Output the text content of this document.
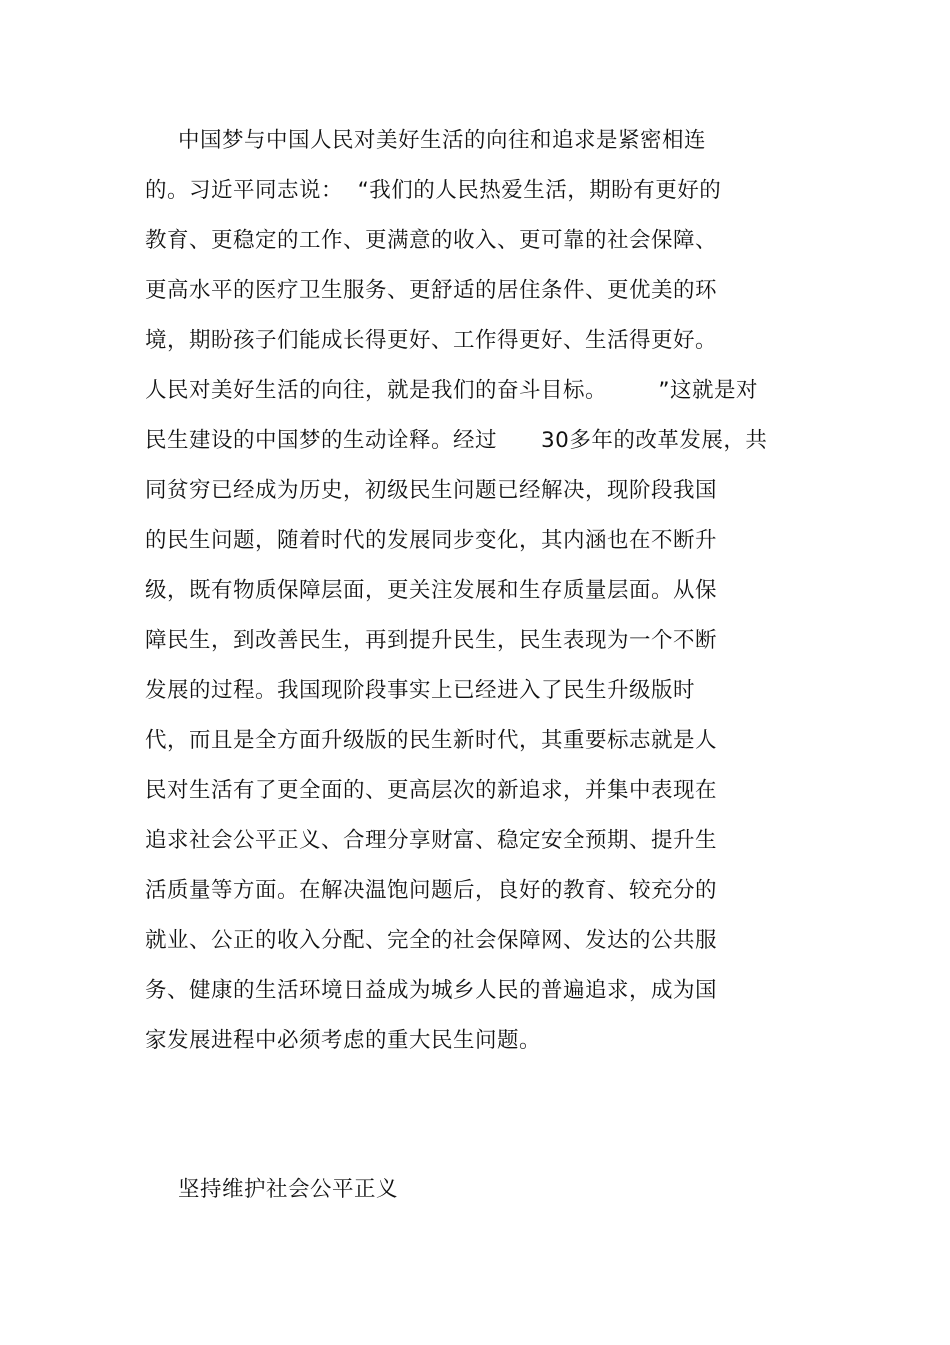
中国梦与中国人民对美好生活的向往和追求是紧密相连
的。习近平同志说：  “我们的人民热爱生活，期盼有更好的
教育、更稳定的工作、更满意的收入、更可靠的社会保障、
更高水平的医疗卫生服务、更舒适的居住条件、更优美的环
境，期盼孩子们能成长得更好、工作得更好、生活得更好。
人民对美好生活的向往，就是我们的奋斗目标。       ”这就是对
民生建设的中国梦的生动诠释。经过      30多年的改革发展，共
同贫穷已经成为历史，初级民生问题已经解决，现阶段我国
的民生问题，随着时代的发展同步变化，其内涵也在不断升
级，既有物质保障层面，更关注发展和生存质量层面。从保
障民生，到改善民生，再到提升民生，民生表现为一个不断
发展的过程。我国现阶段事实上已经进入了民生升级版时
代，而且是全方面升级版的民生新时代，其重要标志就是人
民对生活有了更全面的、更高层次的新追求，并集中表现在
追求社会公平正义、合理分享财富、稳定安全预期、提升生
活质量等方面。在解决温饱问题后，良好的教育、较充分的
就业、公正的收入分配、完全的社会保障网、发达的公共服
务、健康的生活环境日益成为城乡人民的普遍追求，成为国
家发展进程中必须考虑的重大民生问题。
坚持维护社会公平正义
